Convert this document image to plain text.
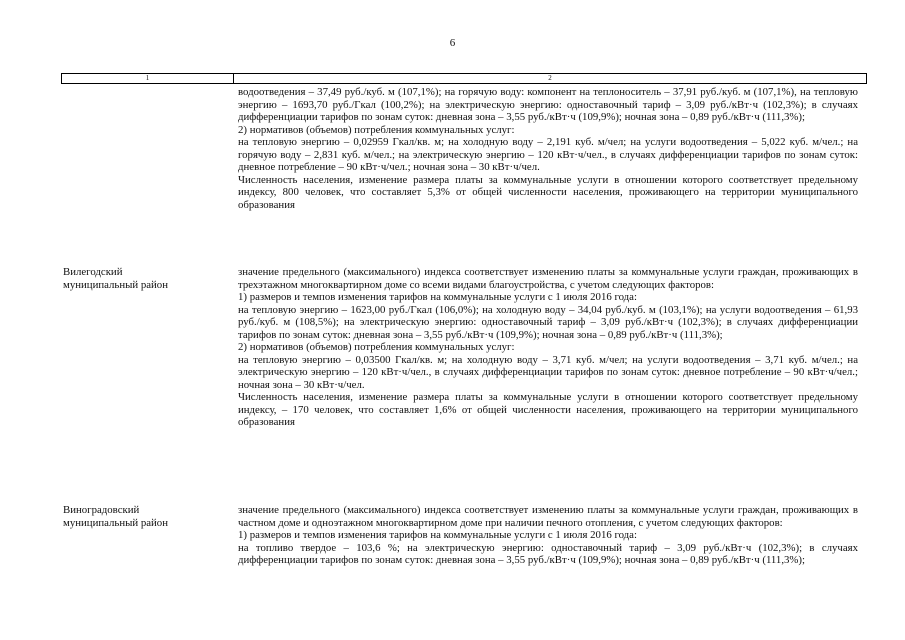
6
1	2

водоотведения – 37,49 руб./куб. м (107,1%); на горячую воду: компонент на теплоноситель – 37,91 руб./куб. м (107,1%), на тепловую энергию – 1693,70 руб./Гкал (100,2%); на электрическую энергию: одноставочный тариф – 3,09 руб./кВт·ч (102,3%); в случаях дифференциации тарифов по зонам суток: дневная зона – 3,55 руб./кВт·ч (109,9%); ночная зона – 0,89 руб./кВт·ч (111,3%);

2) нормативов (объемов) потребления коммунальных услуг:

на тепловую энергию – 0,02959 Гкал/кв. м; на холодную воду – 2,191 куб. м/чел; на услуги водоотведения – 5,022 куб. м/чел.; на горячую воду – 2,831 куб. м/чел.; на электрическую энергию – 120 кВт·ч/чел., в случаях дифференциации тарифов по зонам суток: дневное потребление – 90 кВт·ч/чел.; ночная зона – 30 кВт·ч/чел.

Численность населения, изменение размера платы за коммунальные услуги в отношении которого соответствует предельному индексу, 800 человек, что составляет 5,3% от общей численности населения, проживающего на территории муниципального образования

Вилегодский
муниципальный район

значение предельного (максимального) индекса соответствует изменению платы за коммунальные услуги граждан, проживающих в трехэтажном многоквартирном доме со всеми видами благоустройства, с учетом следующих факторов:

1) размеров и темпов изменения тарифов на коммунальные услуги с 1 июля 2016 года:

на тепловую энергию – 1623,00 руб./Гкал (106,0%); на холодную воду – 34,04 руб./куб. м (103,1%); на услуги водоотведения – 61,93 руб./куб. м (108,5%); на электрическую энергию: одноставочный тариф – 3,09 руб./кВт·ч (102,3%); в случаях дифференциации тарифов по зонам суток: дневная зона – 3,55 руб./кВт·ч (109,9%); ночная зона – 0,89 руб./кВт·ч (111,3%);

2) нормативов (объемов) потребления коммунальных услуг:

на тепловую энергию – 0,03500 Гкал/кв. м; на холодную воду – 3,71 куб. м/чел; на услуги водоотведения – 3,71 куб. м/чел.; на электрическую энергию – 120 кВт·ч/чел., в случаях дифференциации тарифов по зонам суток: дневное потребление – 90 кВт·ч/чел.; ночная зона – 30 кВт·ч/чел.

Численность населения, изменение размера платы за коммунальные услуги в отношении которого соответствует предельному индексу, – 170 человек, что составляет 1,6% от общей численности населения, проживающего на территории муниципального образования

Виноградовский
муниципальный район

значение предельного (максимального) индекса соответствует изменению платы за коммунальные услуги граждан, проживающих в частном доме и одноэтажном многоквартирном доме при наличии печного отопления, с учетом следующих факторов:

1) размеров и темпов изменения тарифов на коммунальные услуги с 1 июля 2016 года:

на топливо твердое – 103,6 %; на электрическую энергию: одноставочный тариф – 3,09 руб./кВт·ч (102,3%); в случаях дифференциации тарифов по зонам суток: дневная зона – 3,55 руб./кВт·ч (109,9%); ночная зона – 0,89 руб./кВт·ч (111,3%);
